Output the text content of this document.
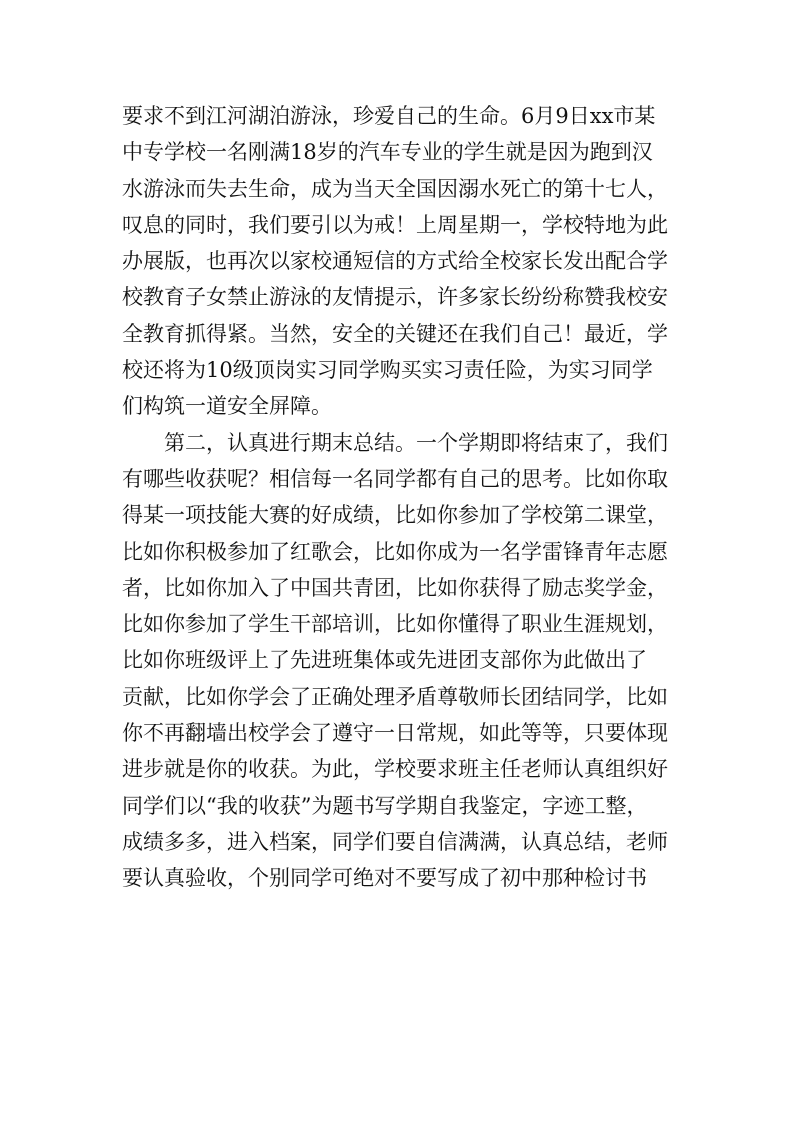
要求不到江河湖泊游泳，珍爱自己的生命。6月9日xx市某
中专学校一名刚满18岁的汽车专业的学生就是因为跑到汉
水游泳而失去生命，成为当天全国因溺水死亡的第十七人，
叹息的同时，我们要引以为戒！上周星期一，学校特地为此
办展版，也再次以家校通短信的方式给全校家长发出配合学
校教育子女禁止游泳的友情提示，许多家长纷纷称赞我校安
全教育抓得紧。当然，安全的关键还在我们自己！最近，学
校还将为10级顶岗实习同学购买实习责任险，为实习同学
们构筑一道安全屏障。
第二，认真进行期末总结。一个学期即将结束了，我们
有哪些收获呢？相信每一名同学都有自己的思考。比如你取
得某一项技能大赛的好成绩，比如你参加了学校第二课堂，
比如你积极参加了红歌会，比如你成为一名学雷锋青年志愿
者，比如你加入了中国共青团，比如你获得了励志奖学金，
比如你参加了学生干部培训，比如你懂得了职业生涯规划，
比如你班级评上了先进班集体或先进团支部你为此做出了
贡献，比如你学会了正确处理矛盾尊敬师长团结同学，比如
你不再翻墙出校学会了遵守一日常规，如此等等，只要体现
进步就是你的收获。为此，学校要求班主任老师认真组织好
同学们以“我的收获”为题书写学期自我鉴定，字迹工整，
成绩多多，进入档案，同学们要自信满满，认真总结，老师
要认真验收，个别同学可绝对不要写成了初中那种检讨书
